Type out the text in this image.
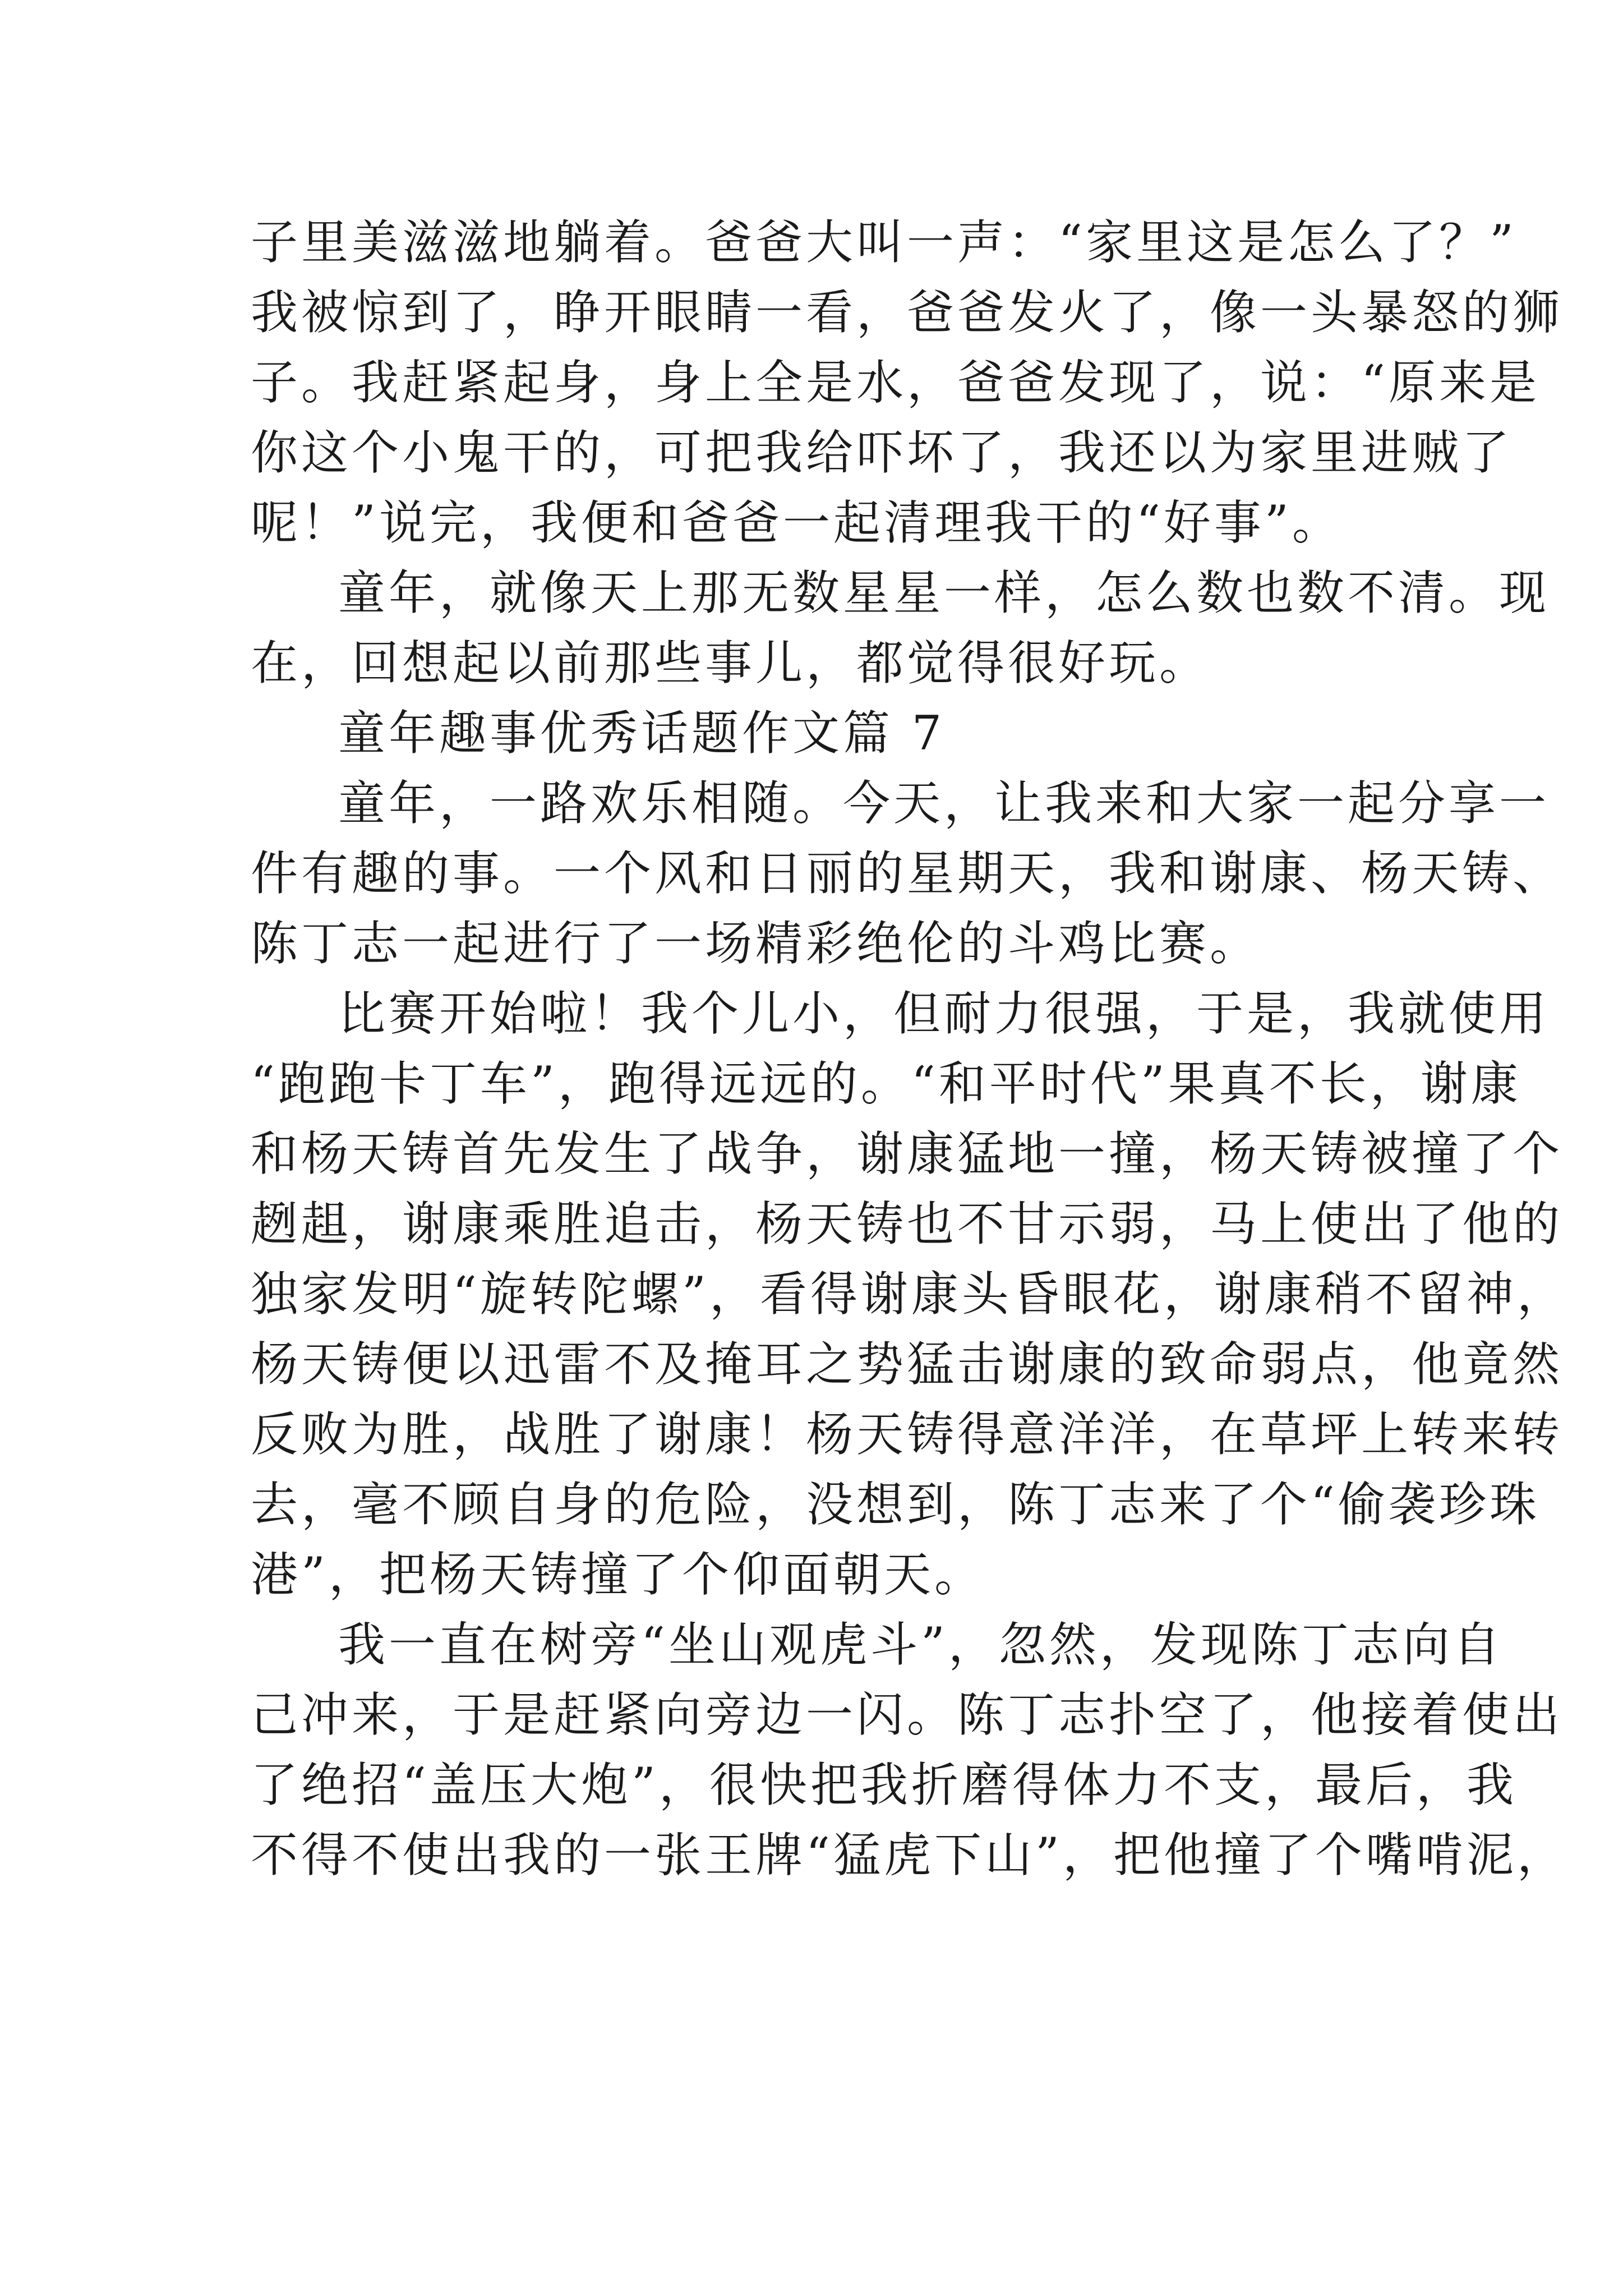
子里美滋滋地躺着。爸爸大叫一声：“家里这是怎么了？”
我被惊到了，睁开眼睛一看，爸爸发火了，像一头暴怒的狮
子。我赶紧起身，身上全是水，爸爸发现了，说：“原来是
你这个小鬼干的，可把我给吓坏了，我还以为家里进贼了
呢！”说完，我便和爸爸一起清理我干的“好事”。
童年，就像天上那无数星星一样，怎么数也数不清。现
在，回想起以前那些事儿，都觉得很好玩。
童年趣事优秀话题作文篇 7
童年，一路欢乐相随。今天，让我来和大家一起分享一
件有趣的事。一个风和日丽的星期天，我和谢康、杨天铸、
陈丁志一起进行了一场精彩绝伦的斗鸡比赛。
比赛开始啦！我个儿小，但耐力很强，于是，我就使用
“跑跑卡丁车”，跑得远远的。“和平时代”果真不长，谢康
和杨天铸首先发生了战争，谢康猛地一撞，杨天铸被撞了个
趔趄，谢康乘胜追击，杨天铸也不甘示弱，马上使出了他的
独家发明“旋转陀螺”，看得谢康头昏眼花，谢康稍不留神，
杨天铸便以迅雷不及掩耳之势猛击谢康的致命弱点，他竟然
反败为胜，战胜了谢康！杨天铸得意洋洋，在草坪上转来转
去，毫不顾自身的危险，没想到，陈丁志来了个“偷袭珍珠
港”，把杨天铸撞了个仰面朝天。
我一直在树旁“坐山观虎斗”，忽然，发现陈丁志向自
己冲来，于是赶紧向旁边一闪。陈丁志扑空了，他接着使出
了绝招“盖压大炮”，很快把我折磨得体力不支，最后，我
不得不使出我的一张王牌“猛虎下山”，把他撞了个嘴啃泥，
